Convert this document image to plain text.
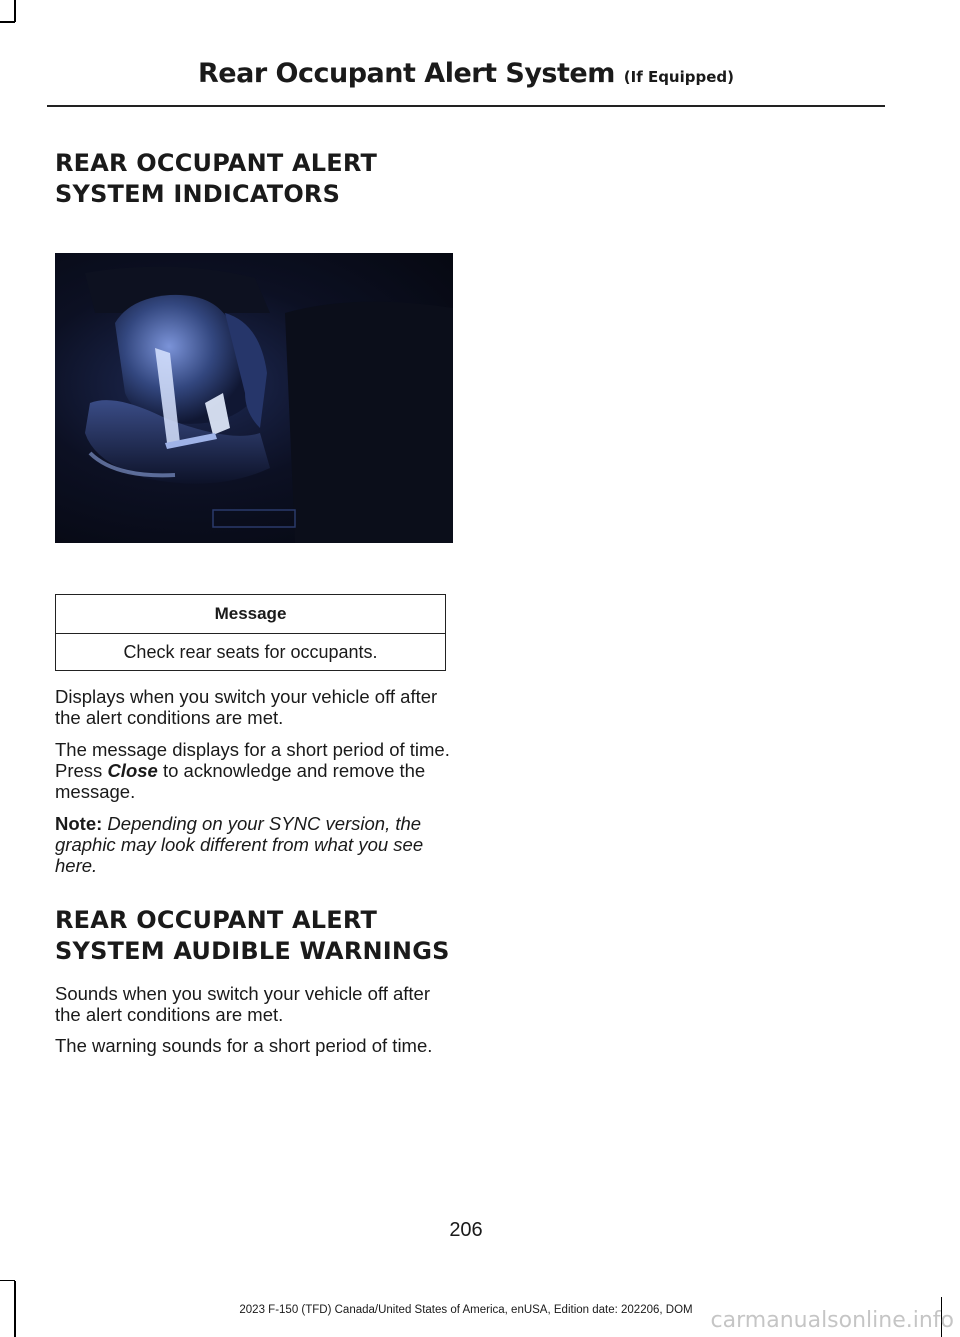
Rear Occupant Alert System (If Equipped)
REAR OCCUPANT ALERT
SYSTEM INDICATORS
Message
Check rear seats for occupants.

Displays when you switch your vehicle off after the alert conditions are met.

The message displays for a short period of time. Press Close to acknowledge and remove the message.

Note: Depending on your SYNC version, the graphic may look different from what you see here.

REAR OCCUPANT ALERT
SYSTEM AUDIBLE WARNINGS

Sounds when you switch your vehicle off after the alert conditions are met.

The warning sounds for a short period of time.

206
2023 F-150 (TFD) Canada/United States of America, enUSA, Edition date: 202206, DOM carmanualsonline.info
